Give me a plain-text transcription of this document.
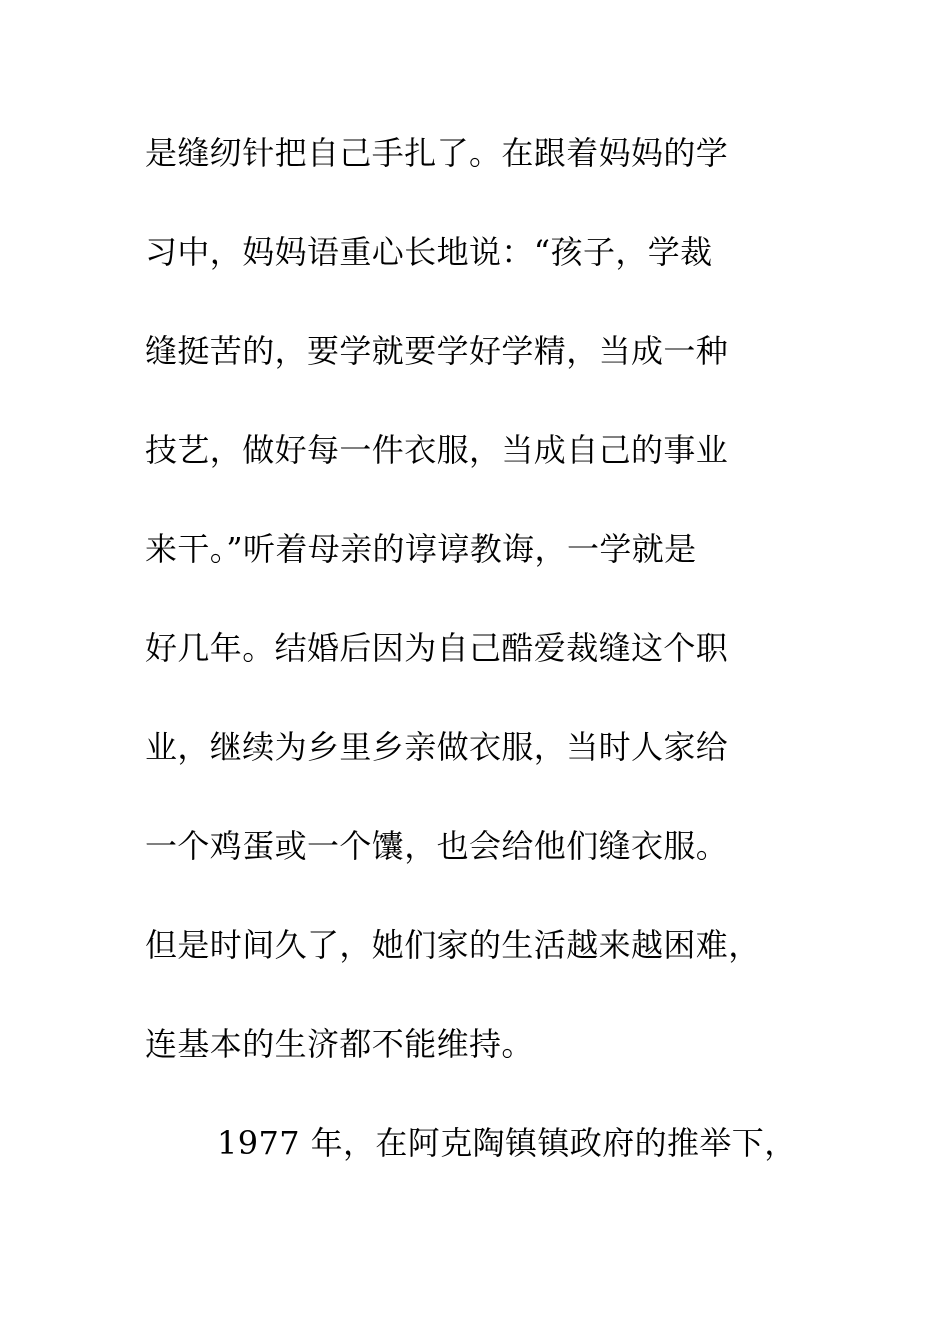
是缝纫针把自己手扎了。在跟着妈妈的学
习中，妈妈语重心长地说：“孩子，学裁
缝挺苦的，要学就要学好学精，当成一种
技艺，做好每一件衣服，当成自己的事业
来干。”听着母亲的谆谆教诲，一学就是
好几年。结婚后因为自己酷爱裁缝这个职
业，继续为乡里乡亲做衣服，当时人家给
一个鸡蛋或一个馕，也会给他们缝衣服。
但是时间久了，她们家的生活越来越困难，
连基本的生济都不能维持。
1977 年，在阿克陶镇镇政府的推举下，
